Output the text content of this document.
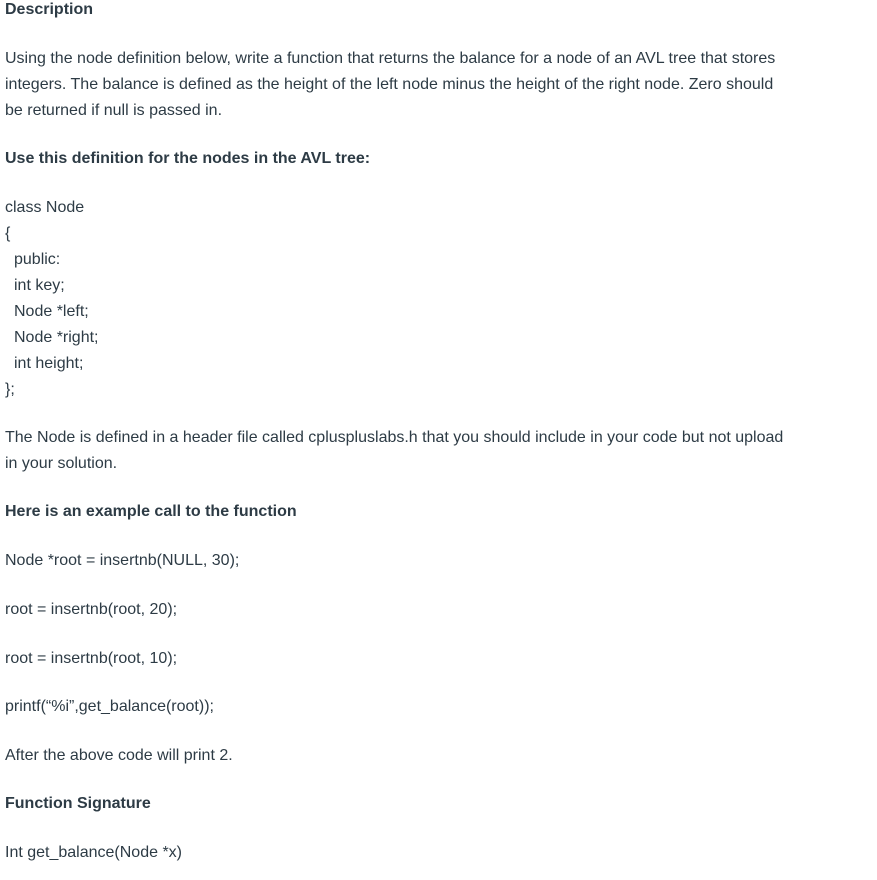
Description
Using the node definition below, write a function that returns the balance for a node of an AVL tree that stores
integers. The balance is defined as the height of the left node minus the height of the right node. Zero should
be returned if null is passed in.
Use this definition for the nodes in the AVL tree:
class Node
{
public:
int key;
Node *left;
Node *right;
int height;
};
The Node is defined in a header file called cpluspluslabs.h that you should include in your code but not upload
in your solution.
Here is an example call to the function
Node *root = insertnb(NULL, 30);
root = insertnb(root, 20);
root = insertnb(root, 10);
printf(“%i”,get_balance(root));
After the above code will print 2.
Function Signature
Int get_balance(Node *x)
